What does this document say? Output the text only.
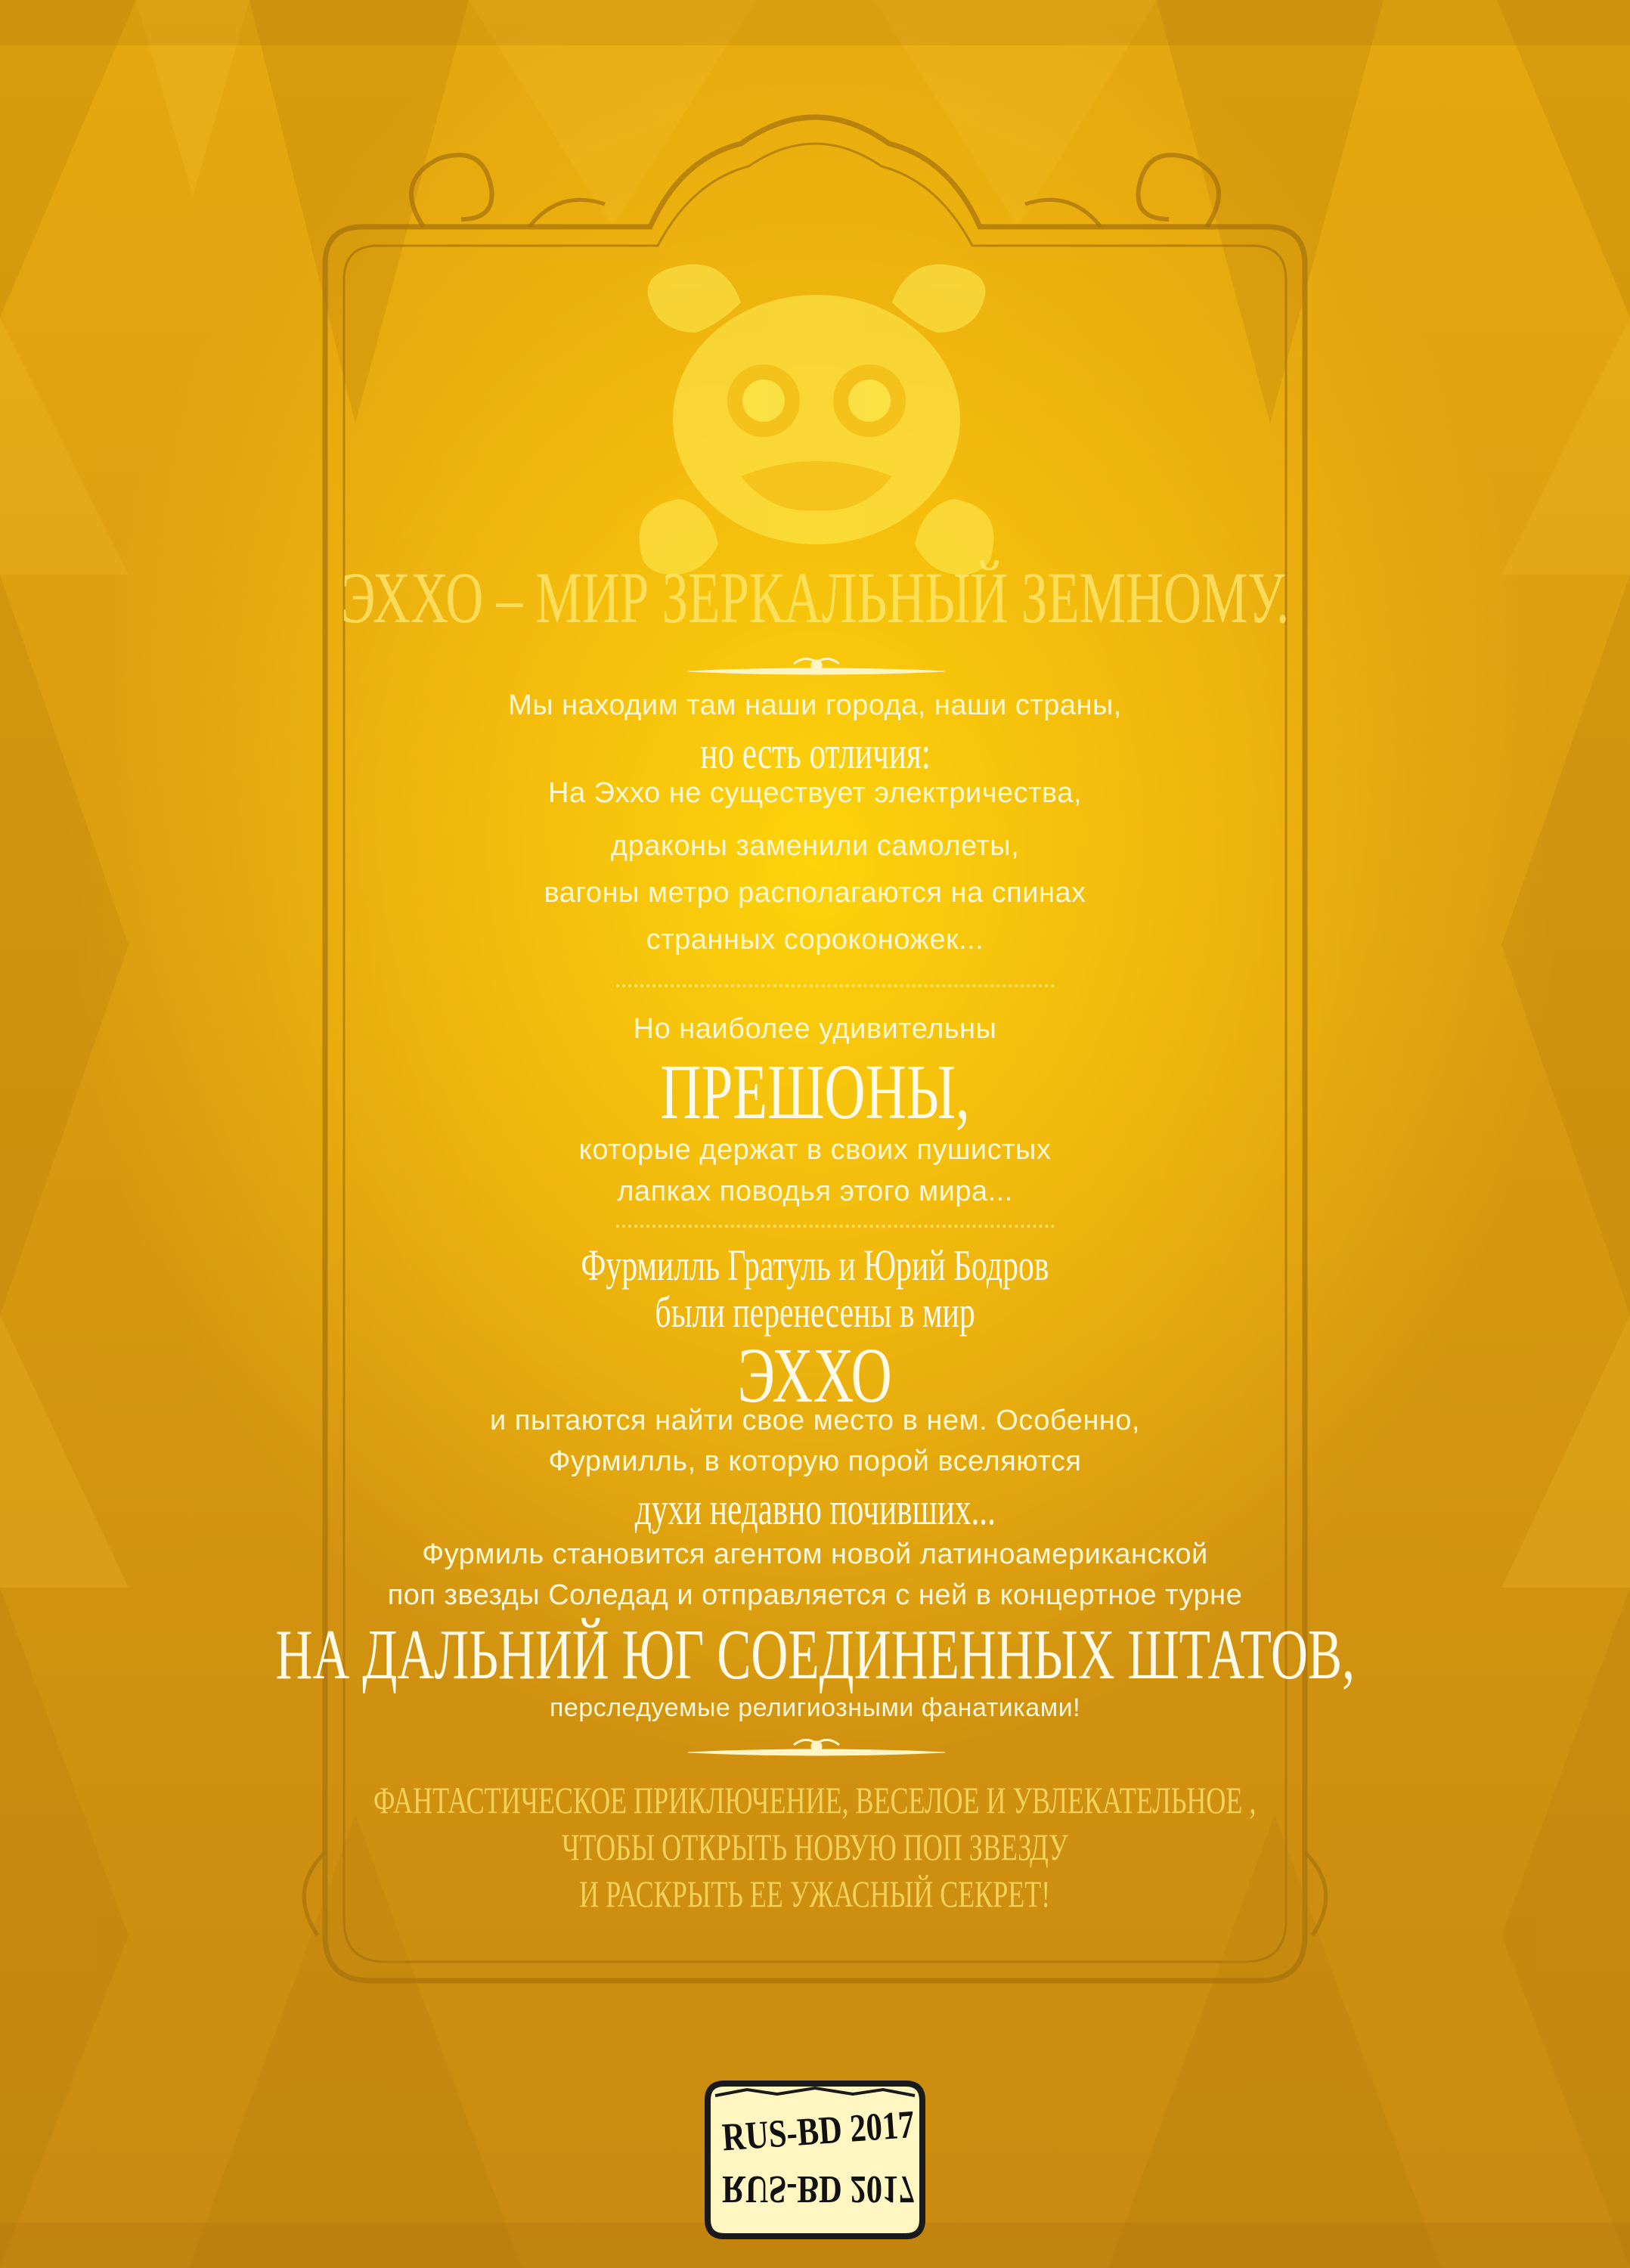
ЭХХО – МИР ЗЕРКАЛЬНЫЙ ЗЕМНОМУ.
Мы находим там наши города, наши страны,
но есть отличия:
На Эххо не существует электричества,
драконы заменили самолеты,
вагоны метро располагаются на спинах
странных сороконожек...
Но наиболее удивительны
ПРЕШОНЫ,
которые держат в своих пушистых
лапках поводья этого мира...
Фурмилль Гратуль и Юрий Бодров
были перенесены в мир
ЭХХО
и пытаются найти свое место в нем. Особенно,
Фурмилль, в которую порой вселяются
духи недавно почивших...
Фурмиль становится агентом новой латиноамериканской
поп звезды Соледад и отправляется с ней в концертное турне
НА ДАЛЬНИЙ ЮГ СОЕДИНЕННЫХ ШТАТОВ,
перследуемые религиозными фанатиками!
ФАНТАСТИЧЕСКОЕ ПРИКЛЮЧЕНИЕ, ВЕСЕЛОЕ И УВЛЕКАТЕЛЬНОЕ ,
ЧТОБЫ ОТКРЫТЬ НОВУЮ ПОП ЗВЕЗДУ
И РАСКРЫТЬ ЕЕ УЖАСНЫЙ СЕКРЕТ!
RUS-BD 2017
RUS-BD 2017
